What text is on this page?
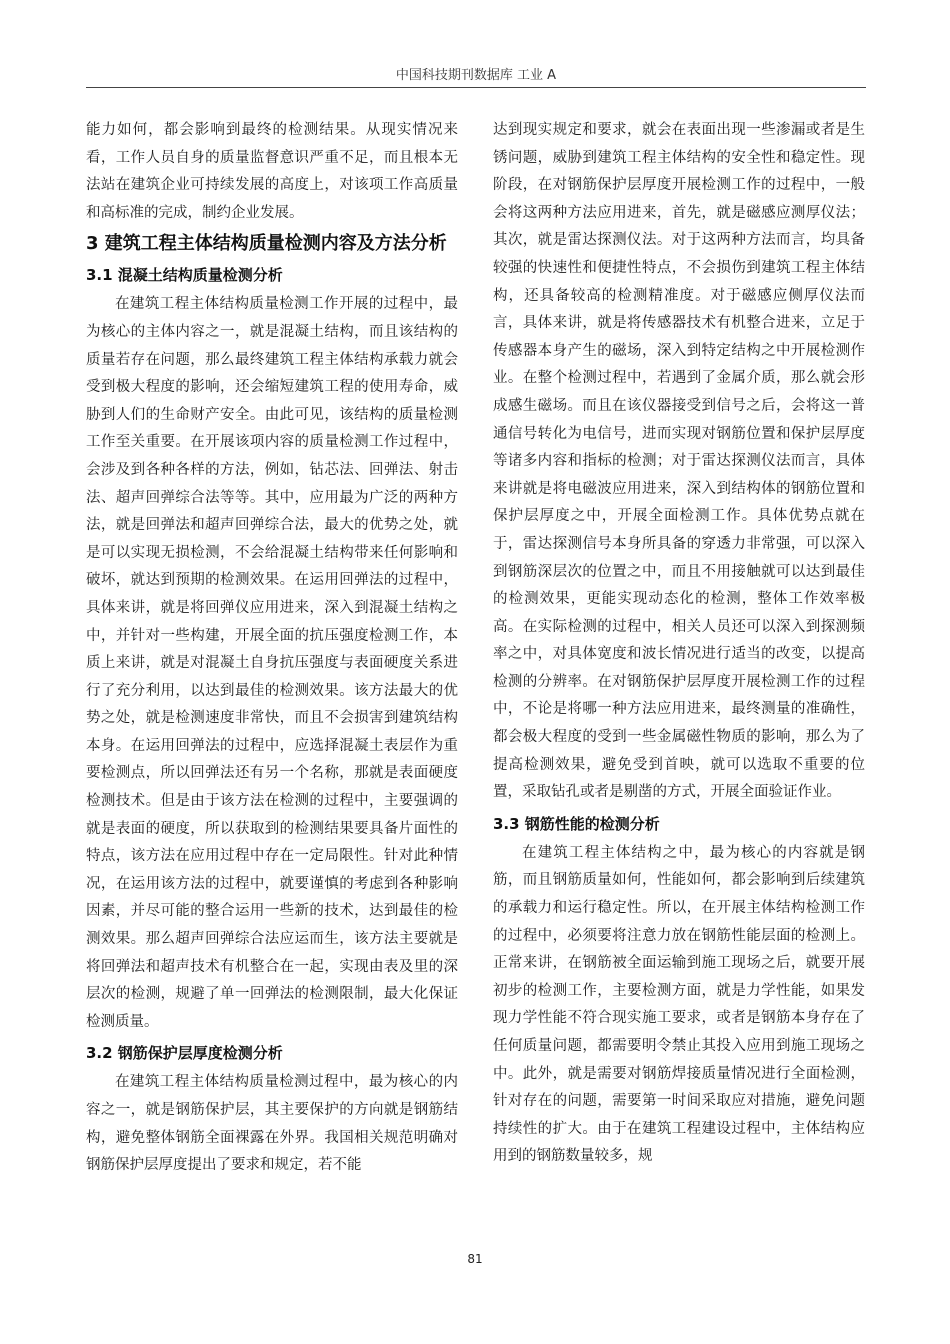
中国科技期刊数据库 工业 A

能力如何，都会影响到最终的检测结果。从现实情况来看，工作人员自身的质量监督意识严重不足，而且根本无法站在建筑企业可持续发展的高度上，对该项工作高质量和高标准的完成，制约企业发展。

3 建筑工程主体结构质量检测内容及方法分析
3.1 混凝土结构质量检测分析

在建筑工程主体结构质量检测工作开展的过程中，最为核心的主体内容之一，就是混凝土结构，而且该结构的质量若存在问题，那么最终建筑工程主体结构承载力就会受到极大程度的影响，还会缩短建筑工程的使用寿命，威胁到人们的生命财产安全。由此可见，该结构的质量检测工作至关重要。在开展该项内容的质量检测工作过程中，会涉及到各种各样的方法，例如，钻芯法、回弹法、射击法、超声回弹综合法等等。其中，应用最为广泛的两种方法，就是回弹法和超声回弹综合法，最大的优势之处，就是可以实现无损检测，不会给混凝土结构带来任何影响和破坏，就达到预期的检测效果。在运用回弹法的过程中，具体来讲，就是将回弹仪应用进来，深入到混凝土结构之中，并针对一些构建，开展全面的抗压强度检测工作，本质上来讲，就是对混凝土自身抗压强度与表面硬度关系进行了充分利用，以达到最佳的检测效果。该方法最大的优势之处，就是检测速度非常快，而且不会损害到建筑结构本身。在运用回弹法的过程中，应选择混凝土表层作为重要检测点，所以回弹法还有另一个名称，那就是表面硬度检测技术。但是由于该方法在检测的过程中，主要强调的就是表面的硬度，所以获取到的检测结果要具备片面性的特点，该方法在应用过程中存在一定局限性。针对此种情况，在运用该方法的过程中，就要谨慎的考虑到各种影响因素，并尽可能的整合运用一些新的技术，达到最佳的检测效果。那么超声回弹综合法应运而生，该方法主要就是将回弹法和超声技术有机整合在一起，实现由表及里的深层次的检测，规避了单一回弹法的检测限制，最大化保证检测质量。

3.2 钢筋保护层厚度检测分析

在建筑工程主体结构质量检测过程中，最为核心的内容之一，就是钢筋保护层，其主要保护的方向就是钢筋结构，避免整体钢筋全面裸露在外界。我国相关规范明确对钢筋保护层厚度提出了要求和规定，若不能

达到现实规定和要求，就会在表面出现一些渗漏或者是生锈问题，威胁到建筑工程主体结构的安全性和稳定性。现阶段，在对钢筋保护层厚度开展检测工作的过程中，一般会将这两种方法应用进来，首先，就是磁感应测厚仪法；其次，就是雷达探测仪法。对于这两种方法而言，均具备较强的快速性和便捷性特点，不会损伤到建筑工程主体结构，还具备较高的检测精准度。对于磁感应侧厚仪法而言，具体来讲，就是将传感器技术有机整合进来，立足于传感器本身产生的磁场，深入到特定结构之中开展检测作业。在整个检测过程中，若遇到了金属介质，那么就会形成感生磁场。而且在该仪器接受到信号之后，会将这一普通信号转化为电信号，进而实现对钢筋位置和保护层厚度等诸多内容和指标的检测；对于雷达探测仪法而言，具体来讲就是将电磁波应用进来，深入到结构体的钢筋位置和保护层厚度之中，开展全面检测工作。具体优势点就在于，雷达探测信号本身所具备的穿透力非常强，可以深入到钢筋深层次的位置之中，而且不用接触就可以达到最佳的检测效果，更能实现动态化的检测，整体工作效率极高。在实际检测的过程中，相关人员还可以深入到探测频率之中，对具体宽度和波长情况进行适当的改变，以提高检测的分辨率。在对钢筋保护层厚度开展检测工作的过程中，不论是将哪一种方法应用进来，最终测量的准确性，都会极大程度的受到一些金属磁性物质的影响，那么为了提高检测效果，避免受到首映，就可以选取不重要的位置，采取钻孔或者是剔凿的方式，开展全面验证作业。

3.3 钢筋性能的检测分析

在建筑工程主体结构之中，最为核心的内容就是钢筋，而且钢筋质量如何，性能如何，都会影响到后续建筑的承载力和运行稳定性。所以，在开展主体结构检测工作的过程中，必须要将注意力放在钢筋性能层面的检测上。正常来讲，在钢筋被全面运输到施工现场之后，就要开展初步的检测工作，主要检测方面，就是力学性能，如果发现力学性能不符合现实施工要求，或者是钢筋本身存在了任何质量问题，都需要明令禁止其投入应用到施工现场之中。此外，就是需要对钢筋焊接质量情况进行全面检测，针对存在的问题，需要第一时间采取应对措施，避免问题持续性的扩大。由于在建筑工程建设过程中，主体结构应用到的钢筋数量较多，规

81
